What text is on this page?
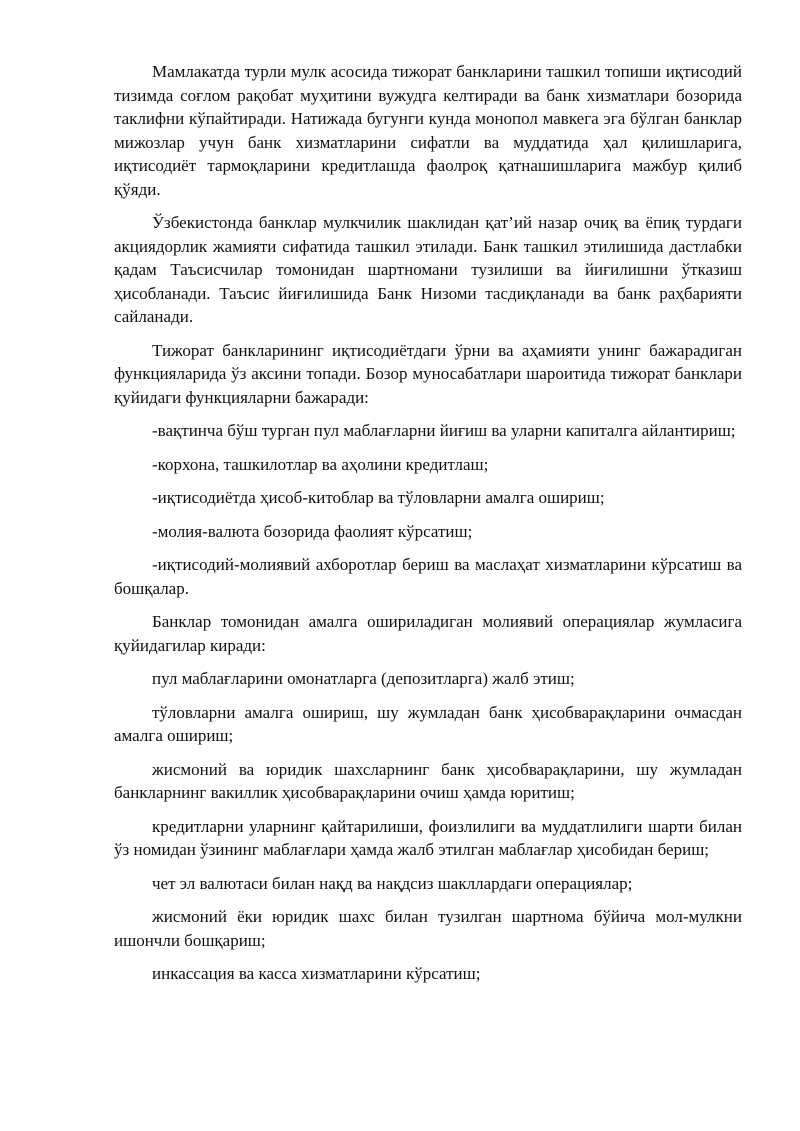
Мамлакатда турли мулк асосида тижорат банкларини ташкил топиши иқтисодий тизимда соғлом рақобат муҳитини вужудга келтиради ва банк хизматлари бозорида таклифни кўпайтиради. Натижада бугунги кунда монопол мавкега эга бўлган банклар мижозлар учун банк хизматларини сифатли ва муддатида ҳал қилишларига, иқтисодиёт тармоқларини кредитлашда фаолроқ қатнашишларига мажбур қилиб қўяди.

Ўзбекистонда банклар мулкчилик шаклидан қат’ий назар очиқ ва ёпиқ турдаги акциядорлик жамияти сифатида ташкил этилади. Банк ташкил этилишида дастлабки қадам Таъсисчилар томонидан шартномани тузилиши ва йиғилишни ўтказиш ҳисобланади. Таъсис йиғилишида Банк Низоми тасдиқланади ва банк раҳбарияти сайланади.

Тижорат банкларининг иқтисодиётдаги ўрни ва аҳамияти унинг бажарадиган функцияларида ўз аксини топади. Бозор муносабатлари шароитида тижорат банклари қуйидаги функцияларни бажаради:

-вақтинча бўш турган пул маблағларни йиғиш ва уларни капиталга айлантириш;

-корхона, ташкилотлар ва аҳолини кредитлаш;

-иқтисодиётда ҳисоб-китоблар ва тўловларни амалга ошириш;

-молия-валюта бозорида фаолият кўрсатиш;

-иқтисодий-молиявий ахборотлар бериш ва маслаҳат хизматларини кўрсатиш ва бошқалар.

Банклар томонидан амалга ошириладиган молиявий операциялар жумласига қуйидагилар киради:

пул маблағларини омонатларга (депозитларга) жалб этиш;

тўловларни амалга ошириш, шу жумладан банк ҳисобварақларини очмасдан амалга ошириш;

жисмоний ва юридик шахсларнинг банк ҳисобварақларини, шу жумладан банкларнинг вакиллик ҳисобварақларини очиш ҳамда юритиш;

кредитларни уларнинг қайтарилиши, фоизлилиги ва муддатлилиги шарти билан ўз номидан ўзининг маблағлари ҳамда жалб этилган маблағлар ҳисобидан бериш;

чет эл валютаси билан нақд ва нақдсиз шакллардаги операциялар;

жисмоний ёки юридик шахс билан тузилган шартнома бўйича мол-мулкни ишончли бошқариш;

инкассация ва касса хизматларини кўрсатиш;
